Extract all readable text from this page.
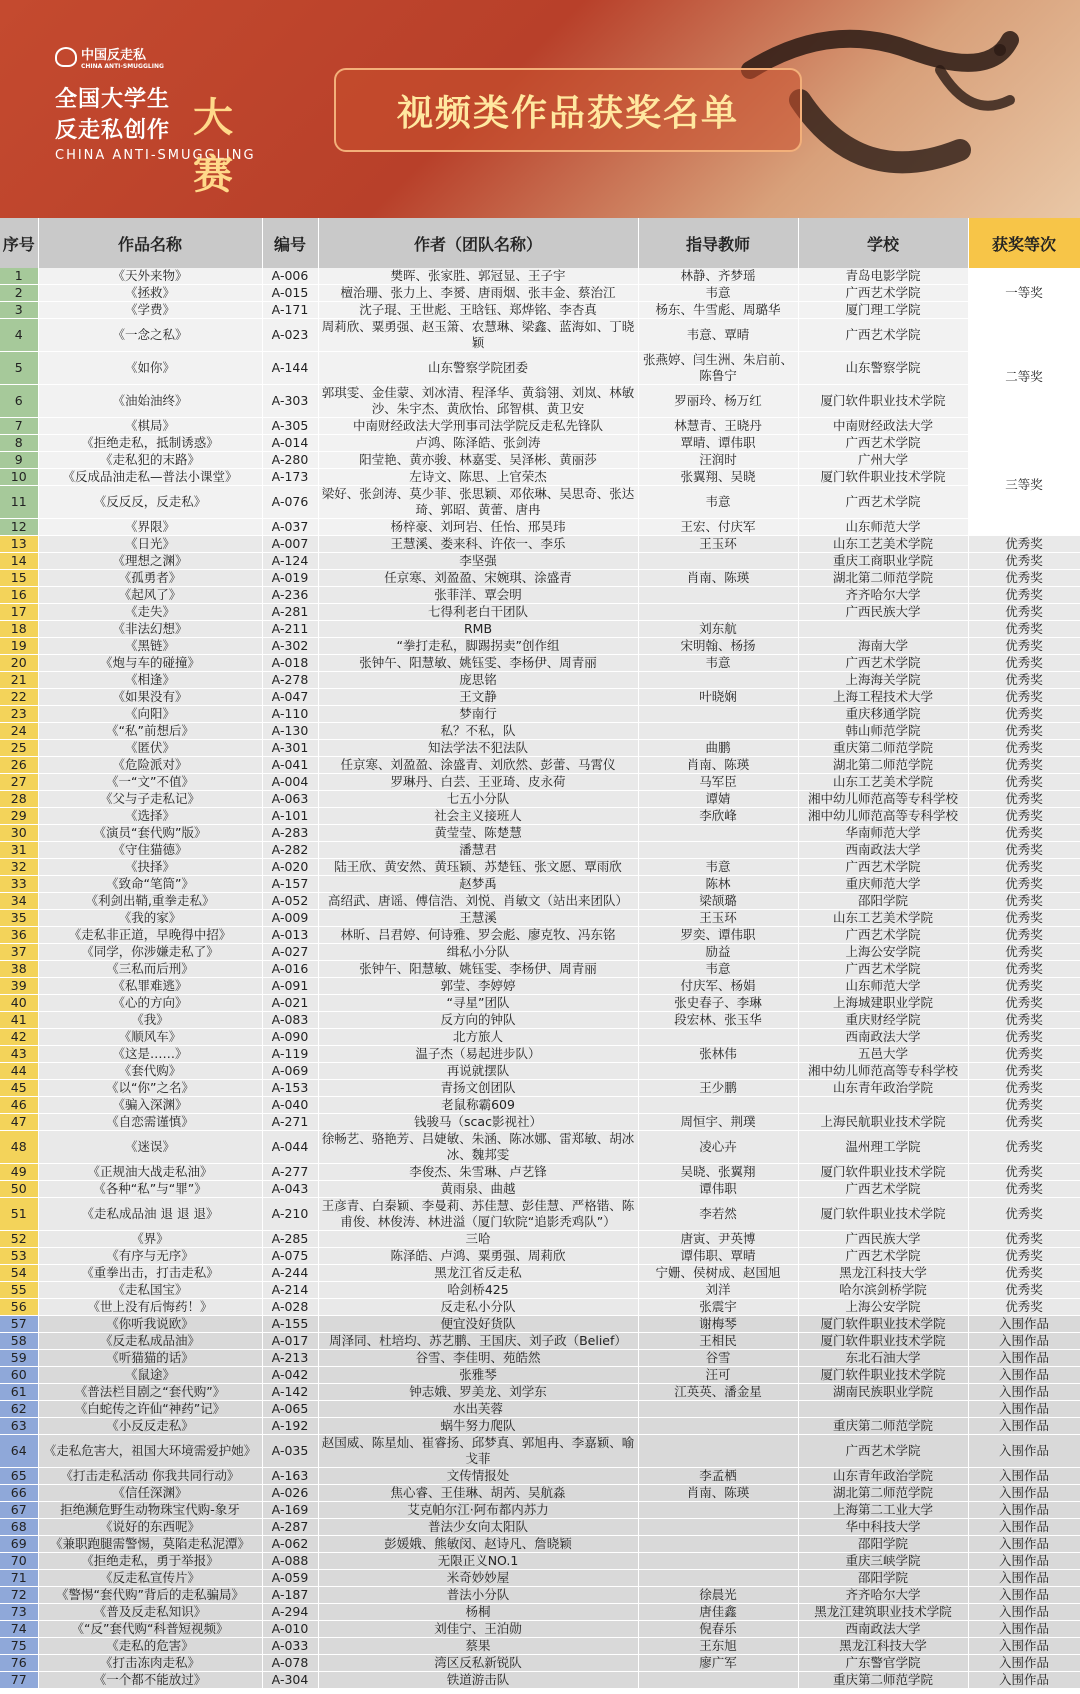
中国反走私
CHINA ANTI-SMUGGLING
全国大学生
反走私创作 大赛
CHINA ANTI-SMUGGLING
视频类作品获奖名单
序号	作品名称	编号	作者（团队名称）	指导教师	学校	获奖等次
1	《天外来物》	A-006	樊晖、张家胜、郭冠显、王子宇	林静、齐梦瑶	青岛电影学院	一等奖
2	《拯救》	A-015	檀治珊、张力上、李赟、唐雨烟、张丰金、蔡治江	韦意	广西艺术学院	
3	《学费》	A-171	沈子琨、王世彪、王晗钰、郑烨铭、李杏真	杨东、牛雪彪、周璐华	厦门理工学院	
4	《一念之私》	A-023	周莉欣、粟勇强、赵玉箫、农慧琳、梁鑫、蓝海如、丁晓颖	韦意、覃晴	广西艺术学院	二等奖
5	《如你》	A-144	山东警察学院团委	张燕婷、闫生洲、朱启前、陈鲁宁	山东警察学院	
6	《油始油终》	A-303	郭琪雯、金佳蒙、刘冰清、程泽华、黄翁翎、刘岚、林敏沙、朱宇杰、黄欣怡、邱智棋、黄卫安	罗丽玲、杨万红	厦门软件职业技术学院	
7	《棋局》	A-305	中南财经政法大学刑事司法学院反走私先锋队	林慧青、王晓丹	中南财经政法大学	
8	《拒绝走私，抵制诱惑》	A-014	卢鸿、陈泽皓、张剑涛	覃晴、谭伟职	广西艺术学院	三等奖
9	《走私犯的末路》	A-280	阳莹艳、黄亦骏、林嘉雯、吴泽彬、黄丽莎	汪润时	广州大学	
10	《反成品油走私—普法小课堂》	A-173	左诗文、陈思、上官荣杰	张翼翔、吴晓	厦门软件职业技术学院	
11	《反反反，反走私》	A-076	梁好、张剑涛、莫少菲、张思颖、邓依琳、吴思奇、张达琦、郭昭、黄蕾、唐冉	韦意	广西艺术学院	
12	《界限》	A-037	杨梓豪、刘珂岩、任怡、邢昊玮	王宏、付庆军	山东师范大学	
13	《日光》	A-007	王慧溪、娄来科、许依一、李乐	王玉环	山东工艺美术学院	优秀奖
14	《理想之渊》	A-124	李坚强		重庆工商职业学院	优秀奖
15	《孤勇者》	A-019	任京寒、刘盈盈、宋婉琪、涂盛青	肖南、陈瑛	湖北第二师范学院	优秀奖
16	《起风了》	A-236	张菲洋、覃会明		齐齐哈尔大学	优秀奖
17	《走失》	A-281	七得利老白干团队		广西民族大学	优秀奖
18	《非法幻想》	A-211	RMB	刘东航		优秀奖
19	《黑链》	A-302	“拳打走私，脚踢拐卖”创作组	宋明翰、杨扬	海南大学	优秀奖
20	《炮与车的碰撞》	A-018	张钟午、阳慧敏、姚钰雯、李杨伊、周青丽	韦意	广西艺术学院	优秀奖
21	《相逢》	A-278	庞思铭		上海海关学院	优秀奖
22	《如果没有》	A-047	王文静	叶晓娴	上海工程技术大学	优秀奖
23	《向阳》	A-110	梦南行		重庆移通学院	优秀奖
24	《“私”前想后》	A-130	私？不私，队		韩山师范学院	优秀奖
25	《匿伏》	A-301	知法学法不犯法队	曲鹏	重庆第二师范学院	优秀奖
26	《危险派对》	A-041	任京寒、刘盈盈、涂盛青、刘欣然、彭蕾、马霄仪	肖南、陈瑛	湖北第二师范学院	优秀奖
27	《一“文”不值》	A-004	罗琳丹、白芸、王亚琦、皮永荷	马军臣	山东工艺美术学院	优秀奖
28	《父与子走私记》	A-063	七五小分队	谭婧	湘中幼儿师范高等专科学校	优秀奖
29	《选择》	A-101	社会主义接班人	李欣峰	湘中幼儿师范高等专科学校	优秀奖
30	《演员“套代购”版》	A-283	黄莹莹、陈楚慧		华南师范大学	优秀奖
31	《守住猫德》	A-282	潘慧君		西南政法大学	优秀奖
32	《抉择》	A-020	陆王欣、黄安然、黄珏颖、苏楚钰、张文愿、覃雨欣	韦意	广西艺术学院	优秀奖
33	《致命“笔筒”》	A-157	赵梦禹	陈林	重庆师范大学	优秀奖
34	《利剑出鞘,重拳走私》	A-052	高绍武、唐谣、傅信浩、刘悦、肖敏文（站出来团队）	梁颉璐	邵阳学院	优秀奖
35	《我的家》	A-009	王慧溪	王玉环	山东工艺美术学院	优秀奖
36	《走私非正道，早晚得中招》	A-013	林昕、吕君婷、何诗雅、罗会彪、廖克牧、冯东铭	罗奕、谭伟职	广西艺术学院	优秀奖
37	《同学，你涉嫌走私了》	A-027	缉私小分队	励益	上海公安学院	优秀奖
38	《三私而后刑》	A-016	张钟午、阳慧敏、姚钰雯、李杨伊、周青丽	韦意	广西艺术学院	优秀奖
39	《私罪难逃》	A-091	郭莹、李婷婷	付庆军、杨娟	山东师范大学	优秀奖
40	《心的方向》	A-021	“寻星”团队	张史春子、李琳	上海城建职业学院	优秀奖
41	《我》	A-083	反方向的钟队	段宏林、张玉华	重庆财经学院	优秀奖
42	《顺风车》	A-090	北方旅人		西南政法大学	优秀奖
43	《这是……》	A-119	温子杰（易起进步队）	张林伟	五邑大学	优秀奖
44	《套代购》	A-069	再说就摆队		湘中幼儿师范高等专科学校	优秀奖
45	《以“你”之名》	A-153	青扬文创团队	王少鹏	山东青年政治学院	优秀奖
46	《骗入深渊》	A-040	老鼠称霸609			优秀奖
47	《自恋需谨慎》	A-271	钱骏马（scac影视社）	周恒宇、荆璞	上海民航职业技术学院	优秀奖
48	《迷误》	A-044	徐畅艺、骆艳芳、吕婕敏、朱涵、陈冰娜、雷郑敏、胡冰冰、魏邦雯	凌心卉	温州理工学院	优秀奖
49	《正规油大战走私油》	A-277	李俊杰、朱雪琳、卢艺锋	吴晓、张翼翔	厦门软件职业技术学院	优秀奖
50	《各种“私”与“罪”》	A-043	黄雨泉、曲越	谭伟职	广西艺术学院	优秀奖
51	《走私成品油 退 退 退》	A-210	王彦青、白秦颖、李曼莉、苏佳慧、彭佳慧、严格锴、陈甫俊、林俊涛、林进溢（厦门软院“追影秃鸡队”）	李若然	厦门软件职业技术学院	优秀奖
52	《界》	A-285	三哈	唐寅、尹英博	广西民族大学	优秀奖
53	《有序与无序》	A-075	陈泽皓、卢鸿、粟勇强、周莉欣	谭伟职、覃晴	广西艺术学院	优秀奖
54	《重拳出击，打击走私》	A-244	黑龙江省反走私	宁姗、侯树成、赵国旭	黑龙江科技大学	优秀奖
55	《走私国宝》	A-214	哈剑桥425	刘洋	哈尔滨剑桥学院	优秀奖
56	《世上没有后悔药！》	A-028	反走私小分队	张震宇	上海公安学院	优秀奖
57	《你听我说欧》	A-155	便宜没好货队	谢梅琴	厦门软件职业技术学院	入围作品
58	《反走私成品油》	A-017	周泽同、杜培均、苏艺鹏、王国庆、刘子政（Belief）	王相民	厦门软件职业技术学院	入围作品
59	《听猫猫的话》	A-213	谷雪、李佳明、苑皓然	谷雪	东北石油大学	入围作品
60	《鼠途》	A-042	张雅琴	汪可	厦门软件职业技术学院	入围作品
61	《普法栏目剧之“套代购”》	A-142	钟志娥、罗美龙、刘学东	江英英、潘金星	湖南民族职业学院	入围作品
62	《白蛇传之许仙“神药”记》	A-065	水出芙蓉			入围作品
63	《小反反走私》	A-192	蜗牛努力爬队		重庆第二师范学院	入围作品
64	《走私危害大，祖国大环境需爱护她》	A-035	赵国威、陈星灿、崔睿扬、邱梦真、郭旭冉、李嘉颖、喻戈菲		广西艺术学院	入围作品
65	《打击走私活动 你我共同行动》	A-163	文传情报处	李孟栖	山东青年政治学院	入围作品
66	《信任深渊》	A-026	焦心睿、王佳琳、胡芮、吴航淼	肖南、陈瑛	湖北第二师范学院	入围作品
67	拒绝濒危野生动物珠宝代购-象牙	A-169	艾克帕尔江·阿布都内苏力		上海第二工业大学	入围作品
68	《说好的东西呢》	A-287	普法少女向太阳队		华中科技大学	入围作品
69	《兼职跑腿需警惕，莫陷走私泥潭》	A-062	彭媛娥、熊敏闵、赵诗凡、詹晓颖		邵阳学院	入围作品
70	《拒绝走私，勇于举报》	A-088	无限正义NO.1		重庆三峡学院	入围作品
71	《反走私宣传片》	A-059	米奇妙妙屋		邵阳学院	入围作品
72	《警惕“套代购”背后的走私骗局》	A-187	普法小分队	徐晨光	齐齐哈尔大学	入围作品
73	《普及反走私知识》	A-294	杨桐	唐佳鑫	黑龙江建筑职业技术学院	入围作品
74	《“反”套代购“科普短视频》	A-010	刘佳宁、王泊勋	倪春乐	西南政法大学	入围作品
75	《走私的危害》	A-033	蔡果	王东旭	黑龙江科技大学	入围作品
76	《打击冻肉走私》	A-078	湾区反私新锐队	廖广军	广东警官学院	入围作品
77	《一个都不能放过》	A-304	铁道游击队		重庆第二师范学院	入围作品
